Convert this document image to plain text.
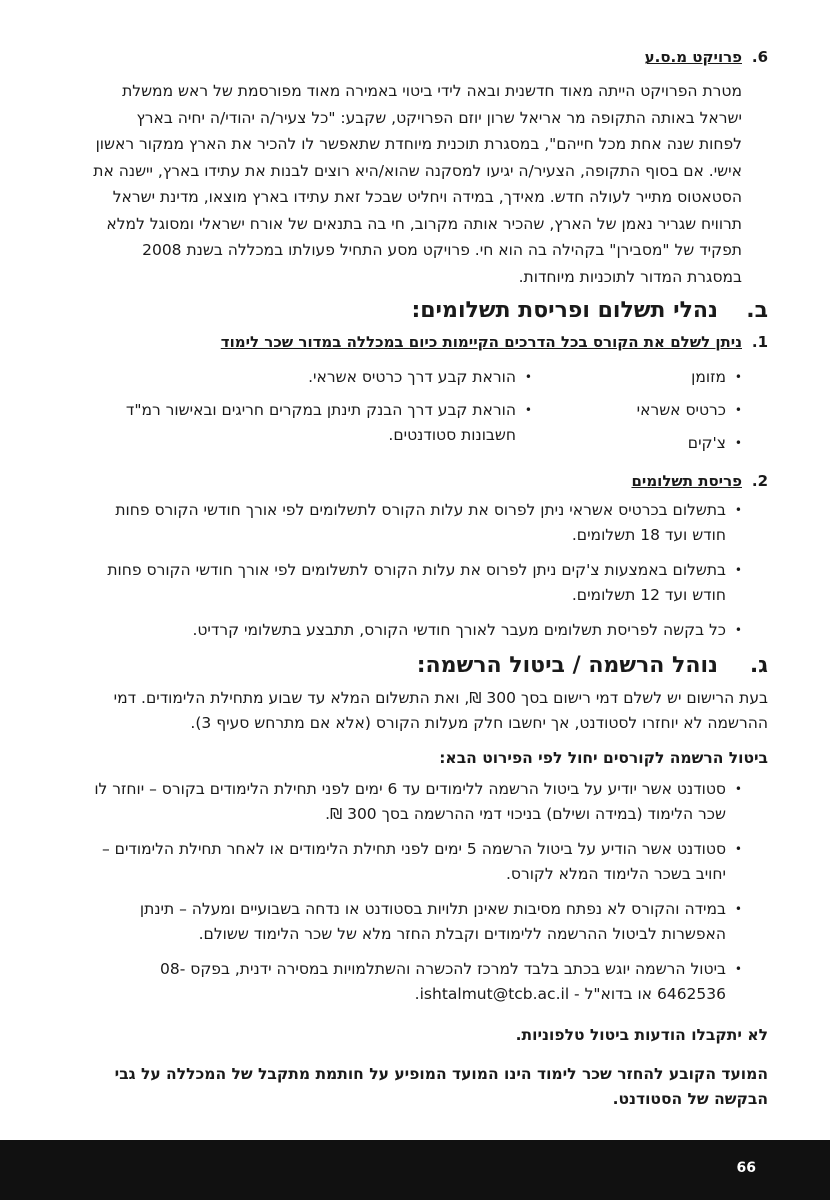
6.
פרויקט מ.ס.ע

מטרת הפרויקט הייתה מאוד חדשנית ובאה לידי ביטוי באמירה מאוד מפורסמת של ראש ממשלת ישראל באותה התקופה מר אריאל שרון יוזם הפרויקט, שקבע: "כל צעיר/ה יהודי/ה יחיה בארץ לפחות שנה אחת מכל חייהם", במסגרת תוכנית מיוחדת שתאפשר לו להכיר את הארץ ממקור ראשון אישי. אם בסוף התקופה, הצעיר/ה יגיעו למסקנה שהוא/היא רוצים לבנות את עתידו בארץ, יישנה את הסטאטוס מתייר לעולה חדש. מאידך, במידה ויחליט שבכל זאת עתידו בארץ מוצאו, מדינת ישראל תרוויח שגריר נאמן של הארץ, שהכיר אותה מקרוב, חי בה בתנאים של אורח ישראלי ומסוגל למלא תפקיד של "מסבירן" בקהילה בה הוא חי. פרויקט מסע התחיל פעולתו במכללה בשנת 2008 במסגרת המדור לתוכניות מיוחדות.

ב.
נהלי תשלום ופריסת תשלומים:
1.
ניתן לשלם את הקורס בכל הדרכים הקיימות כיום במכללה במדור שכר לימוד
• מזומן
• כרטיס אשראי
• צ'קים
• הוראת קבע דרך כרטיס אשראי.
• הוראת קבע דרך הבנק תינתן במקרים חריגים ובאישור רמ"ד חשבונות סטודנטים.
2.
פריסת תשלומים
• בתשלום בכרטיס אשראי ניתן לפרוס את עלות הקורס לתשלומים לפי אורך חודשי הקורס פחות חודש ועד 18 תשלומים.
• בתשלום באמצעות צ'קים ניתן לפרוס את עלות הקורס לתשלומים לפי אורך חודשי הקורס פחות חודש ועד 12 תשלומים.
• כל בקשה לפריסת תשלומים מעבר לאורך חודשי הקורס, תתבצע בתשלומי קרדיט.
ג.
נוהל הרשמה / ביטול הרשמה:

בעת הרישום יש לשלם דמי רישום בסך 300 ₪, ואת התשלום המלא עד שבוע מתחילת הלימודים. דמי ההרשמה לא יוחזרו לסטודנט, אך יחשבו חלק מעלות הקורס (אלא אם מתרחש סעיף 3).

ביטול הרשמה לקורסים יחול לפי הפירוט הבא:
• סטודנט אשר יודיע על ביטול הרשמה ללימודים עד 6 ימים לפני תחילת הלימודים בקורס – יוחזר לו שכר הלימוד (במידה ושילם) בניכוי דמי ההרשמה בסך 300 ₪.
• סטודנט אשר הודיע על ביטול הרשמה 5 ימים לפני תחילת הלימודים או לאחר תחילת הלימודים – יחויב בשכר הלימוד המלא לקורס.
• במידה והקורס לא נפתח מסיבות שאינן תלויות בסטודנט או נדחה בשבועיים ומעלה – תינתן האפשרות לביטול ההרשמה ללימודים וקבלת החזר מלא של שכר הלימוד ששולם.
• ביטול הרשמה יוגש בכתב בלבד למרכז להכשרה והשתלמויות במסירה ידנית, בפקס 08-6462536 או בדוא"ל - ishtalmut@tcb.ac.il.
לא יתקבלו הודעות ביטול טלפוניות.
המועד הקובע להחזר שכר לימוד הינו המועד המופיע על חותמת מתקבל של המכללה על גבי הבקשה של הסטודנט.
66
